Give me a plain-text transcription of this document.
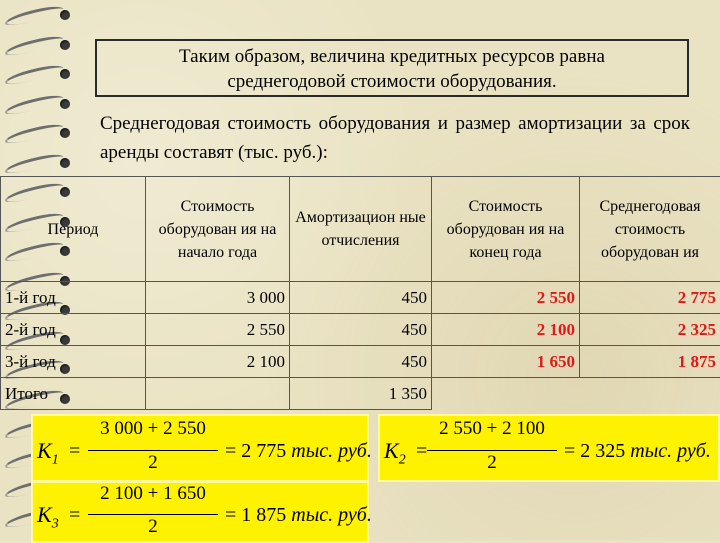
Таким образом, величина кредитных ресурсов равна
среднегодовой стоимости оборудования.
Среднегодовая стоимость оборудования и размер амортизации за срок аренды составят (тыс. руб.):
Период	Стоимость оборудован ия на начало года	Амортизацион ные отчисления	Стоимость оборудован ия на конец года	Среднегодовая стоимость оборудован ия
1-й год	3 000	450	2 550	2 775
2-й год	2 550	450	2 100	2 325
3-й год	2 100	450	1 650	1 875
Итого		1 350		
$K_1$ =
3 000 + 2 550
2
= 2 775 тыс. руб. $K_2$ =
2 550 + 2 100
2
= 2 325 тыс. руб.
$K_3$ =
2 100 + 1 650
2
= 1 875 тыс. руб.
